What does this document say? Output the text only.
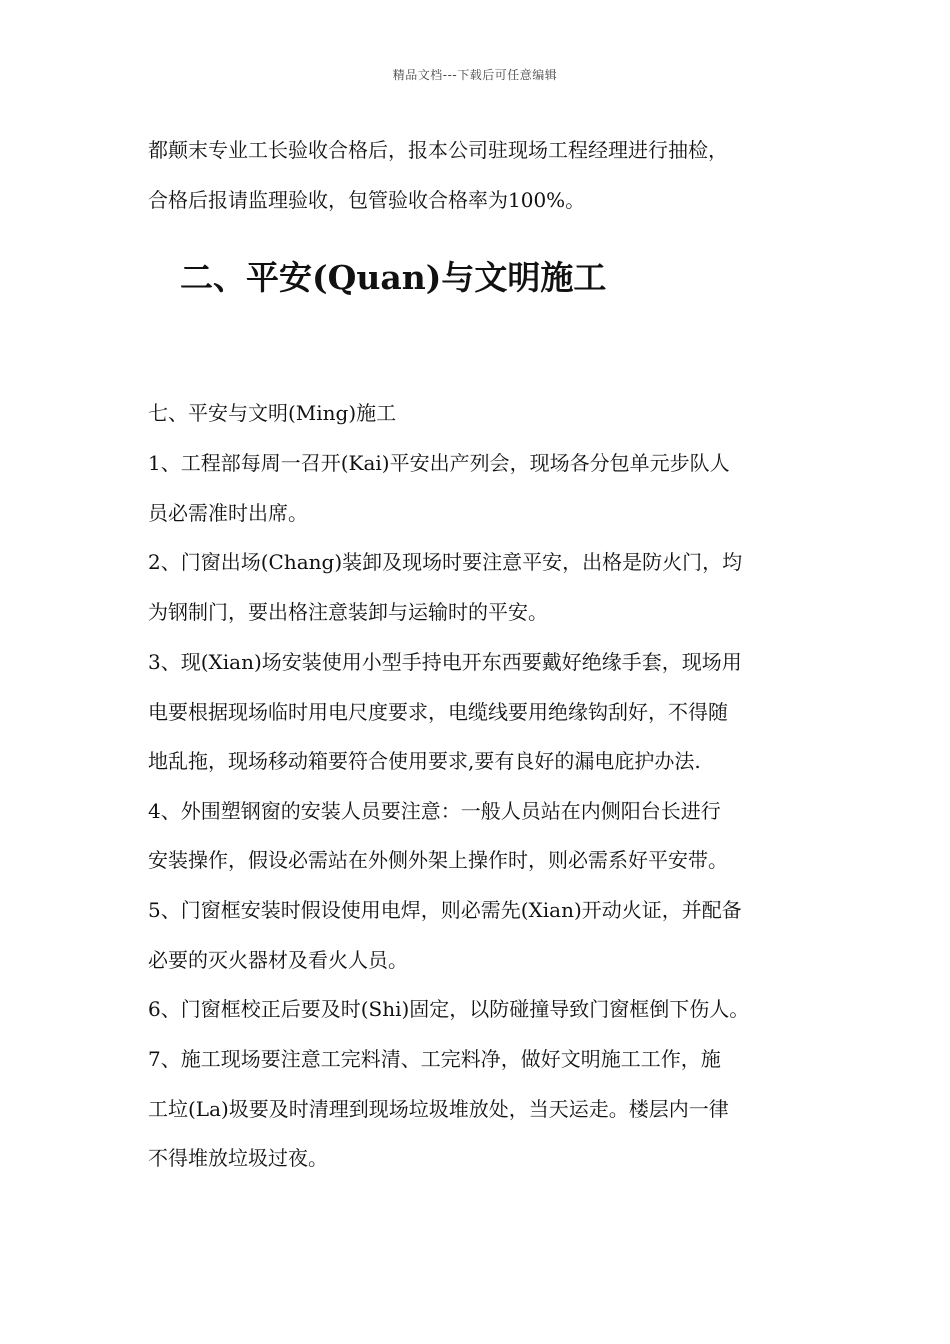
精品文档---下载后可任意编辑
都颠末专业工长验收合格后，报本公司驻现场工程经理进行抽检，
合格后报请监理验收，包管验收合格率为100%。
二、平安(Quan)与文明施工
七、平安与文明(Ming)施工
1、工程部每周一召开(Kai)平安出产列会，现场各分包单元步队人
员必需准时出席。
2、门窗出场(Chang)装卸及现场时要注意平安，出格是防火门，均
为钢制门，要出格注意装卸与运输时的平安。
3、现(Xian)场安装使用小型手持电开东西要戴好绝缘手套，现场用
电要根据现场临时用电尺度要求，电缆线要用绝缘钩刮好，不得随
地乱拖，现场移动箱要符合使用要求,要有良好的漏电庇护办法.
4、外围塑钢窗的安装人员要注意：一般人员站在内侧阳台长进行
安装操作，假设必需站在外侧外架上操作时，则必需系好平安带。
5、门窗框安装时假设使用电焊，则必需先(Xian)开动火证，并配备
必要的灭火器材及看火人员。
6、门窗框校正后要及时(Shi)固定，以防碰撞导致门窗框倒下伤人。
7、施工现场要注意工完料清、工完料净，做好文明施工工作，施
工垃(La)圾要及时清理到现场垃圾堆放处，当天运走。楼层内一律
不得堆放垃圾过夜。
